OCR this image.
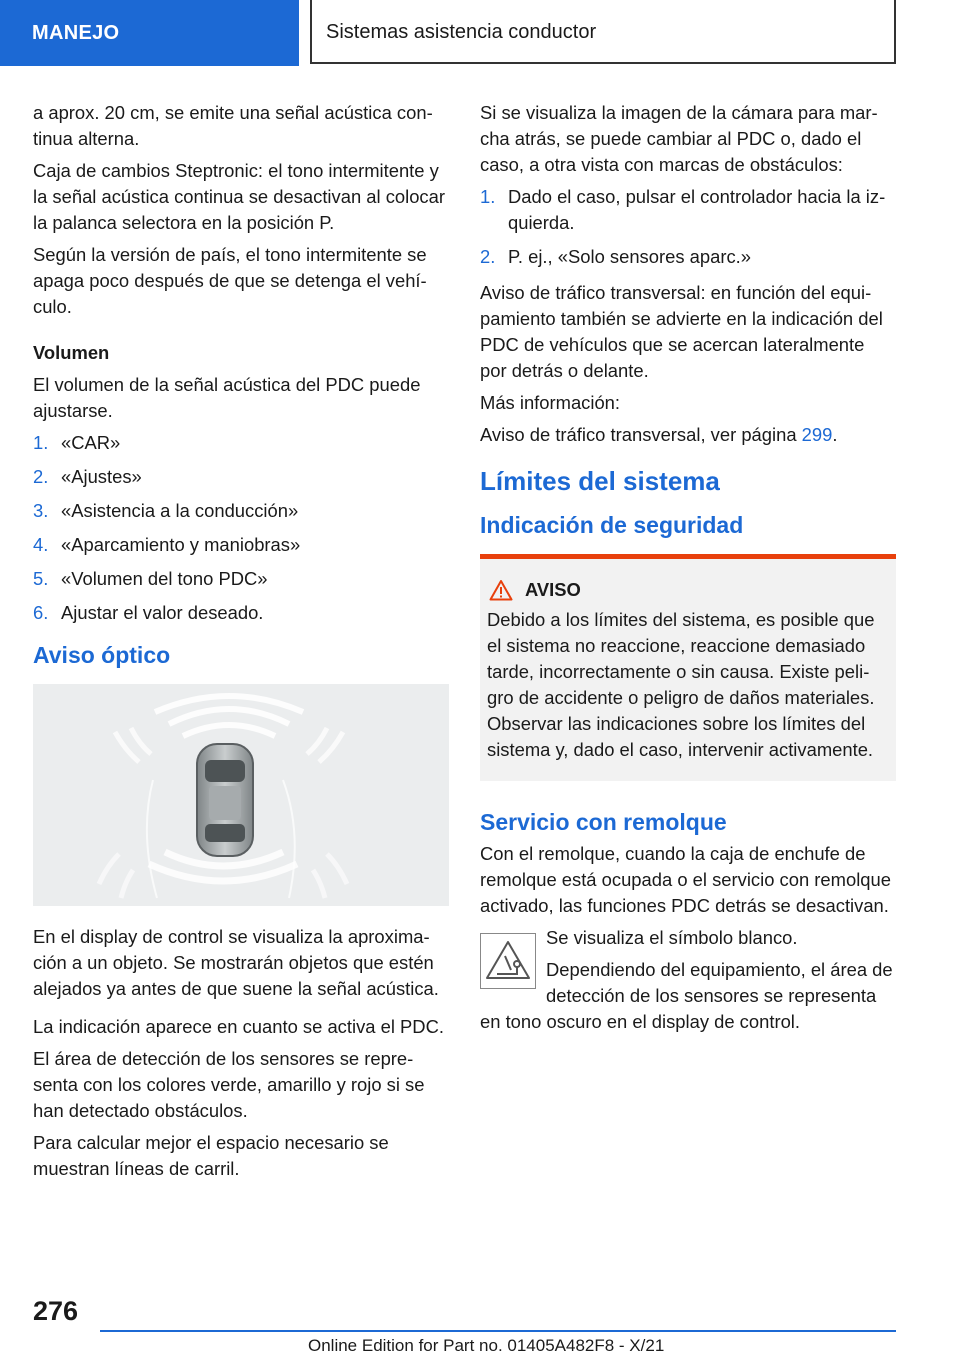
MANEJO	Sistemas asistencia conductor

a aprox. 20 cm, se emite una señal acústica continua alterna.

Caja de cambios Steptronic: el tono intermitente y la señal acústica continua se desactivan al colocar la palanca selectora en la posición P.

Según la versión de país, el tono intermitente se apaga poco después de que se detenga el vehículo.

Volumen

El volumen de la señal acústica del PDC puede ajustarse.

1. «CAR»
2. «Ajustes»
3. «Asistencia a la conducción»
4. «Aparcamiento y maniobras»
5. «Volumen del tono PDC»
6. Ajustar el valor deseado.
Aviso óptico

En el display de control se visualiza la aproximación a un objeto. Se mostrarán objetos que estén alejados ya antes de que suene la señal acústica.

La indicación aparece en cuanto se activa el PDC.

El área de detección de los sensores se representa con los colores verde, amarillo y rojo si se han detectado obstáculos.

Para calcular mejor el espacio necesario se muestran líneas de carril.

Si se visualiza la imagen de la cámara para marcha atrás, se puede cambiar al PDC o, dado el caso, a otra vista con marcas de obstáculos:

1. Dado el caso, pulsar el controlador hacia la izquierda.
2. P. ej., «Solo sensores aparc.»

Aviso de tráfico transversal: en función del equipamiento también se advierte en la indicación del PDC de vehículos que se acercan lateralmente por detrás o delante.

Más información:

Aviso de tráfico transversal, ver página 299.

Límites del sistema
Indicación de seguridad
AVISO
Debido a los límites del sistema, es posible que el sistema no reaccione, reaccione demasiado tarde, incorrectamente o sin causa. Existe peligro de accidente o peligro de daños materiales. Observar las indicaciones sobre los límites del sistema y, dado el caso, intervenir activamente.
Servicio con remolque

Con el remolque, cuando la caja de enchufe de remolque está ocupada o el servicio con remolque activado, las funciones PDC detrás se desactivan.

Se visualiza el símbolo blanco.

Dependiendo del equipamiento, el área de detección de los sensores se representa en tono oscuro en el display de control.

276
Online Edition for Part no. 01405A482F8 - X/21
